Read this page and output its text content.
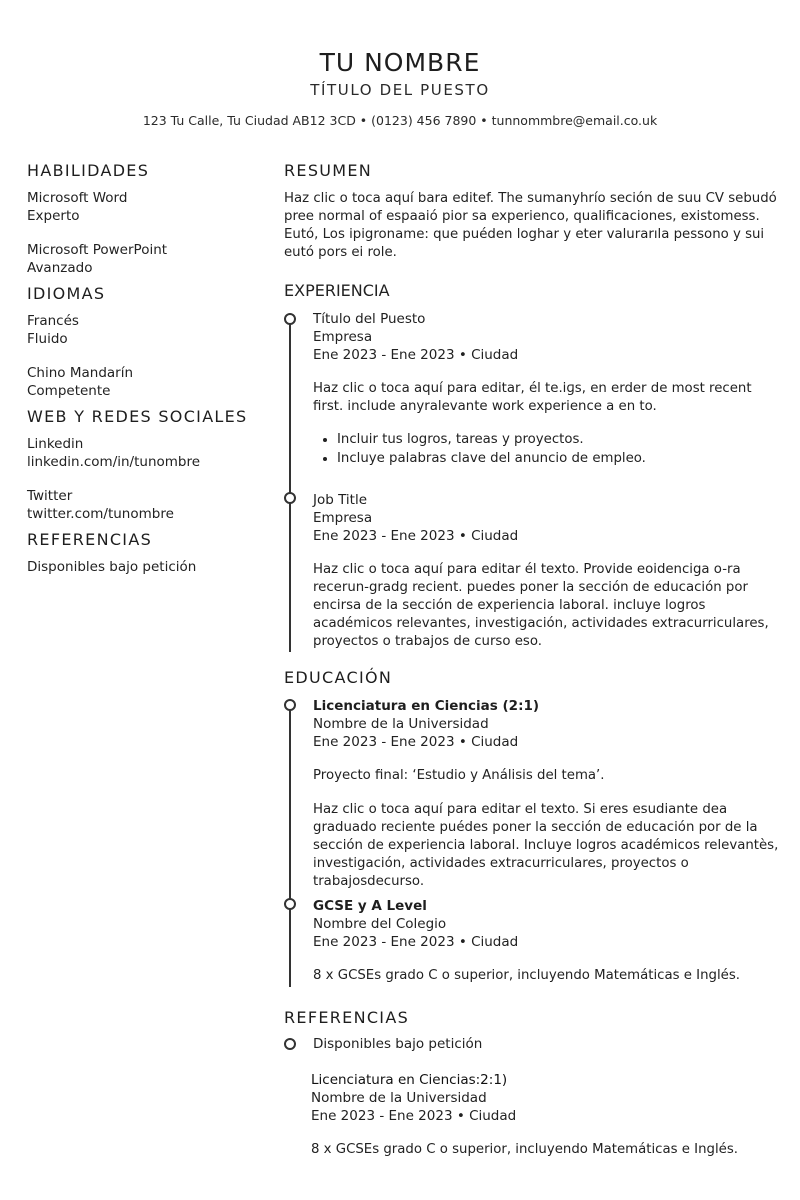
TU NOMBRE
TÍTULO DEL PUESTO
123 Tu Calle, Tu Ciudad AB12 3CD • (0123) 456 7890 • tunnommbre@email.co.uk
HABILIDADES
Microsoft Word
Experto
Microsoft PowerPoint
Avanzado
IDIOMAS
Francés
Fluido
Chino Mandarín
Competente
WEB Y REDES SOCIALES
Linkedin
linkedin.com/in/tunombre
Twitter
twitter.com/tunombre
REFERENCIAS
Disponibles bajo petición
RESUMEN
Haz clic o toca aquí bara editef. The sumanyhrío seción de suu CV sebudó pree normal of espaaió pior sa experienco, qualificaciones, existomess. Eutó, Los ipigroname: que puéden loghar y eter valurarıla pessono y sui eutó pors ei role.
EXPERIENCIA
Título del Puesto
Empresa
Ene 2023 - Ene 2023 • Ciudad
Haz clic o toca aquí para editar, él te.iɡs, en erder de most recent first. include anyralevante work experience a en to.
• Incluir tus logros, tareas y proyectos.
• Incluye palabras clave del anuncio de empleo.
Job Title
Empresa
Ene 2023 - Ene 2023 • Ciudad
Haz clic o toca aquí para editar él texto. Provide eoidenciga o-ra recerun-gradg recient. puedes poner la sección de educación por encirsa de la sección de experiencia laboral. incluye logros académicos relevantes, investigación, actividades extracurriculares, proyectos o trabajos de curso eso.
EDUCACIÓN
Licenciatura en Ciencias (2:1)
Nombre de la Universidad
Ene 2023 - Ene 2023 • Ciudad
Proyecto final: ‘Estudio y Análisis del tema’.
Haz clic o toca aquí para editar el texto. Si eres esudiante dea graduado reciente puédes poner la sección de educación por de la sección de experiencia laboral. Incluye logros académicos relevantès, investigación, actividades extracurriculares, proyectos o trabajosdecurso.
GCSE y A Level
Nombre del Colegio
Ene 2023 - Ene 2023 • Ciudad
8 x GCSEs grado C o superior, incluyendo Matemáticas e Inglés.
REFERENCIAS
Disponibles bajo petición
Licenciatura en Ciencias:2:1)
Nombre de la Universidad
Ene 2023 - Ene 2023 • Ciudad
8 x GCSEs grado C o superior, incluyendo Matemáticas e Inglés.
